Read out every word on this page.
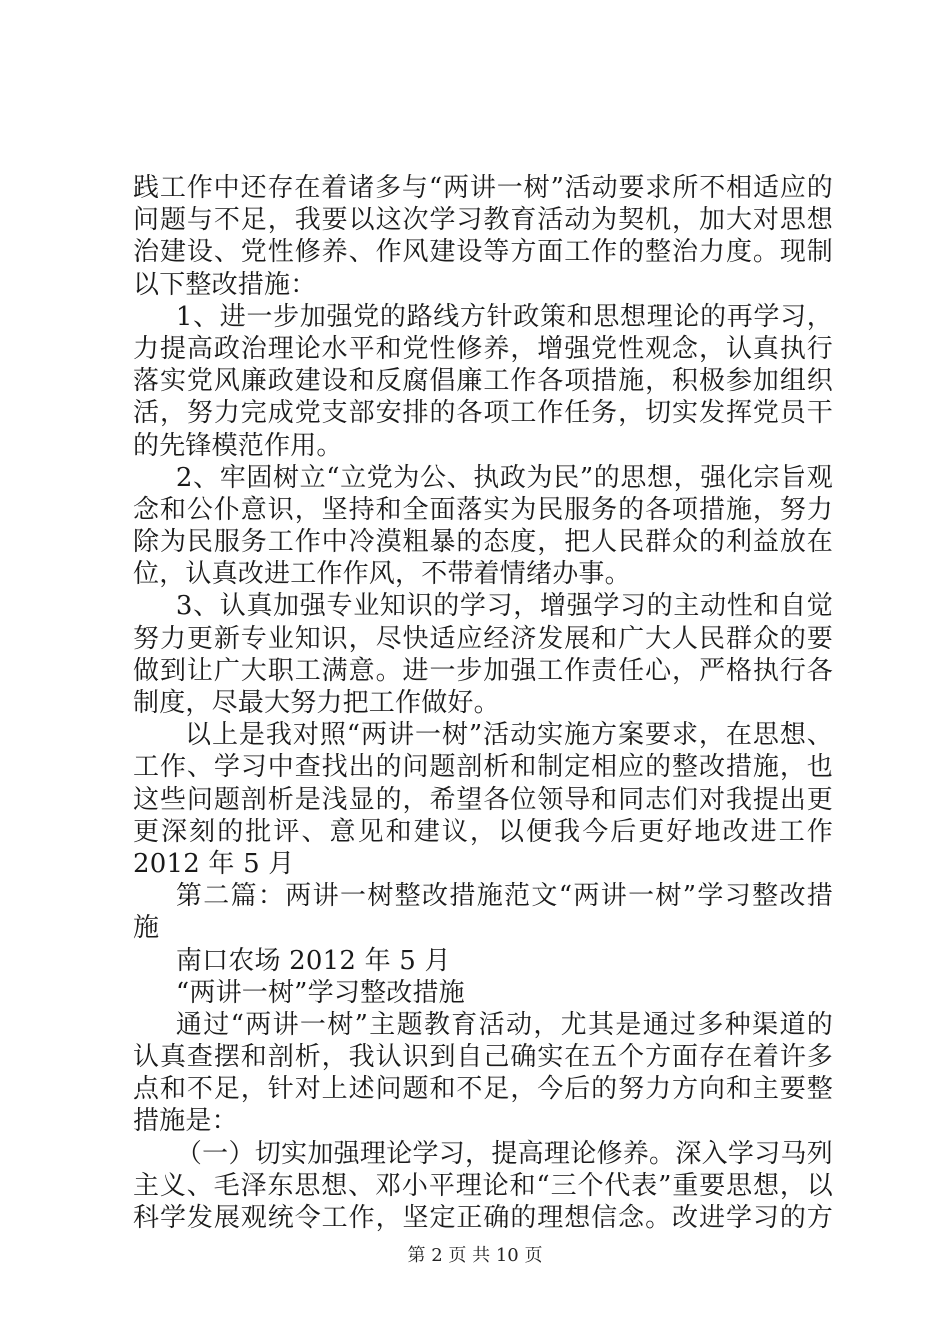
践工作中还存在着诸多与“两讲一树”活动要求所不相适应的
问题与不足，我要以这次学习教育活动为契机，加大对思想
治建设、党性修养、作风建设等方面工作的整治力度。现制
以下整改措施：
1、进一步加强党的路线方针政策和思想理论的再学习，
力提高政治理论水平和党性修养，增强党性观念，认真执行
落实党风廉政建设和反腐倡廉工作各项措施，积极参加组织
活，努力完成党支部安排的各项工作任务，切实发挥党员干
的先锋模范作用。
2、牢固树立“立党为公、执政为民”的思想，强化宗旨观
念和公仆意识，坚持和全面落实为民服务的各项措施，努力
除为民服务工作中冷漠粗暴的态度，把人民群众的利益放在
位，认真改进工作作风，不带着情绪办事。
3、认真加强专业知识的学习，增强学习的主动性和自觉
努力更新专业知识，尽快适应经济发展和广大人民群众的要
做到让广大职工满意。进一步加强工作责任心，严格执行各
制度，尽最大努力把工作做好。
以上是我对照“两讲一树”活动实施方案要求，在思想、
工作、学习中查找出的问题剖析和制定相应的整改措施，也
这些问题剖析是浅显的，希望各位领导和同志们对我提出更
更深刻的批评、意见和建议，以便我今后更好地改进工作
2012 年 5 月
第二篇：两讲一树整改措施范文“两讲一树”学习整改措
施
南口农场 2012 年 5 月
“两讲一树”学习整改措施
通过“两讲一树”主题教育活动，尤其是通过多种渠道的
认真查摆和剖析，我认识到自己确实在五个方面存在着许多
点和不足，针对上述问题和不足，今后的努力方向和主要整
措施是：
（一）切实加强理论学习，提高理论修养。深入学习马列
主义、毛泽东思想、邓小平理论和“三个代表”重要思想，以
科学发展观统令工作，坚定正确的理想信念。改进学习的方
第 2 页 共 10 页
